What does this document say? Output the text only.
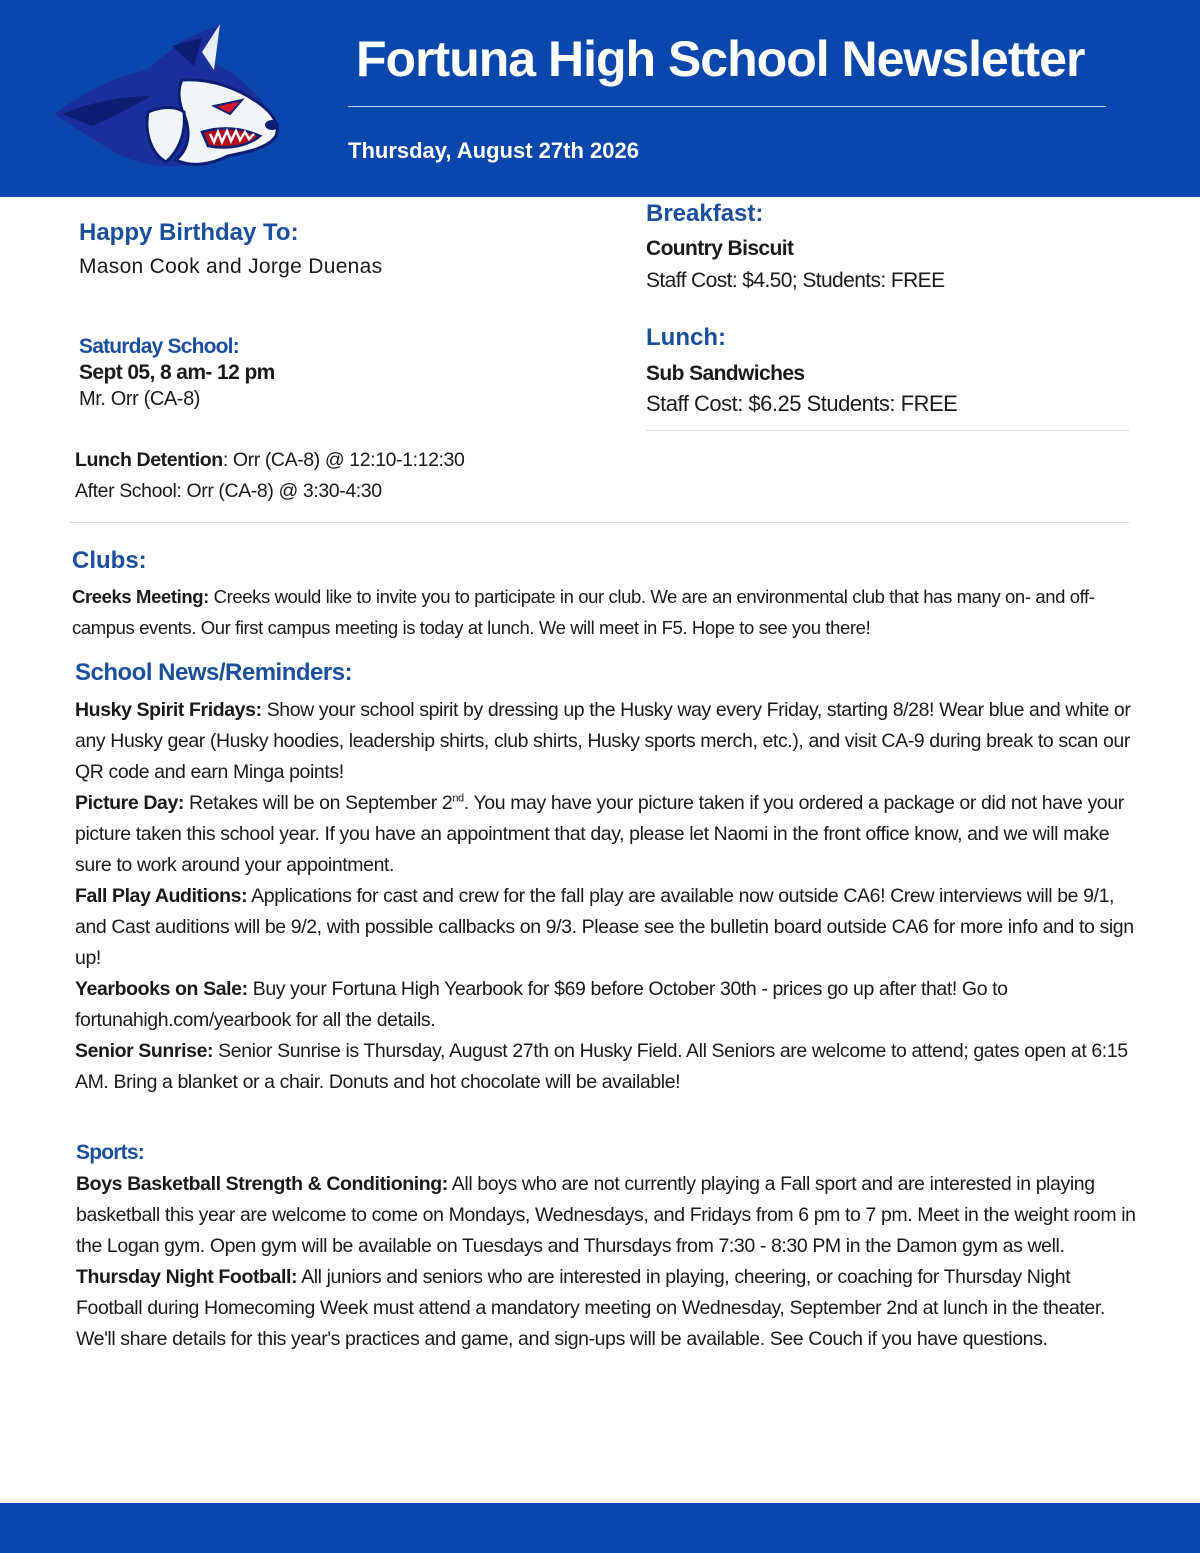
Fortuna High School Newsletter
Thursday, August 27th 2026
Happy Birthday To:
Mason Cook and Jorge Duenas
Saturday School:
Sept 05, 8 am- 12 pm
Mr. Orr (CA-8)
Breakfast:
Country Biscuit
Staff Cost: $4.50; Students: FREE
Lunch:
Sub Sandwiches
Staff Cost: $6.25 Students: FREE
Lunch Detention: Orr (CA-8) @ 12:10-1:12:30
After School: Orr (CA-8) @ 3:30-4:30
Clubs:

Creeks Meeting: Creeks would like to invite you to participate in our club. We are an environmental club that has many on- and off-campus events. Our first campus meeting is today at lunch. We will meet in F5. Hope to see you there!

School News/Reminders:

Husky Spirit Fridays: Show your school spirit by dressing up the Husky way every Friday, starting 8/28! Wear blue and white or any Husky gear (Husky hoodies, leadership shirts, club shirts, Husky sports merch, etc.), and visit CA-9 during break to scan our QR code and earn Minga points!

Picture Day: Retakes will be on September 2nd. You may have your picture taken if you ordered a package or did not have your picture taken this school year. If you have an appointment that day, please let Naomi in the front office know, and we will make sure to work around your appointment.

Fall Play Auditions: Applications for cast and crew for the fall play are available now outside CA6! Crew interviews will be 9/1, and Cast auditions will be 9/2, with possible callbacks on 9/3. Please see the bulletin board outside CA6 for more info and to sign up!

Yearbooks on Sale: Buy your Fortuna High Yearbook for $69 before October 30th - prices go up after that! Go to fortunahigh.com/yearbook for all the details.

Senior Sunrise: Senior Sunrise is Thursday, August 27th on Husky Field. All Seniors are welcome to attend; gates open at 6:15 AM. Bring a blanket or a chair. Donuts and hot chocolate will be available!

Sports:

Boys Basketball Strength & Conditioning: All boys who are not currently playing a Fall sport and are interested in playing basketball this year are welcome to come on Mondays, Wednesdays, and Fridays from 6 pm to 7 pm. Meet in the weight room in the Logan gym. Open gym will be available on Tuesdays and Thursdays from 7:30 - 8:30 PM in the Damon gym as well.

Thursday Night Football: All juniors and seniors who are interested in playing, cheering, or coaching for Thursday Night Football during Homecoming Week must attend a mandatory meeting on Wednesday, September 2nd at lunch in the theater. We'll share details for this year's practices and game, and sign-ups will be available. See Couch if you have questions.
